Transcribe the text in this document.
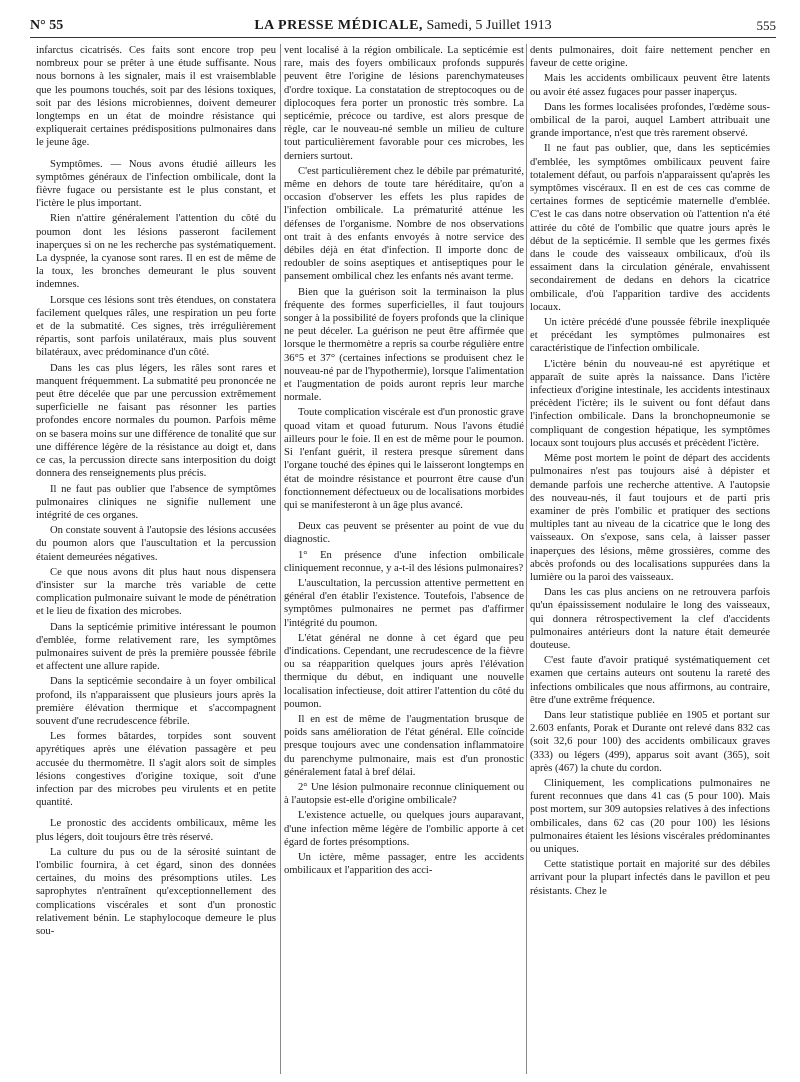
N° 55	LA PRESSE MÉDICALE, Samedi, 5 Juillet 1913	555

infarctus cicatrisés. Ces faits sont encore trop peu nombreux pour se prêter à une étude suffisante. Nous nous bornons à les signaler, mais il est vraisemblable que les poumons touchés, soit par des lésions toxiques, soit par des lésions microbiennes, doivent demeurer longtemps en un état de moindre résistance qui expliquerait certaines prédispositions pulmonaires dans le jeune âge.

Symptômes. — Nous avons étudié ailleurs les symptômes généraux de l'infection ombilicale, dont la fièvre fugace ou persistante est le plus constant, et l'ictère le plus important.

Rien n'attire généralement l'attention du côté du poumon dont les lésions passeront facilement inaperçues si on ne les recherche pas systématiquement. La dyspnée, la cyanose sont rares. Il en est de même de la toux, les bronches demeurant le plus souvent indemnes.

Lorsque ces lésions sont très étendues, on constatera facilement quelques râles, une respiration un peu forte et de la submatité. Ces signes, très irrégulièrement répartis, sont parfois unilatéraux, mais plus souvent bilatéraux, avec prédominance d'un côté.

Dans les cas plus légers, les râles sont rares et manquent fréquemment. La submatité peu prononcée ne peut être décelée que par une percussion extrêmement superficielle ne faisant pas résonner les parties profondes encore normales du poumon. Parfois même on se basera moins sur une différence de tonalité que sur une différence légère de la résistance au doigt et, dans ce cas, la percussion directe sans interposition du doigt donnera des renseignements plus précis.

Il ne faut pas oublier que l'absence de symptômes pulmonaires cliniques ne signifie nullement une intégrité de ces organes.

On constate souvent à l'autopsie des lésions accusées du poumon alors que l'auscultation et la percussion étaient demeurées négatives.

Ce que nous avons dit plus haut nous dispensera d'insister sur la marche très variable de cette complication pulmonaire suivant le mode de pénétration et le lieu de fixation des microbes.

Dans la septicémie primitive intéressant le poumon d'emblée, forme relativement rare, les symptômes pulmonaires suivent de près la première poussée fébrile et affectent une allure rapide.

Dans la septicémie secondaire à un foyer ombilical profond, ils n'apparaissent que plusieurs jours après la première élévation thermique et s'accompagnent souvent d'une recrudescence fébrile.

Les formes bâtardes, torpides sont souvent apyrétiques après une élévation passagère et peu accusée du thermomètre. Il s'agit alors soit de simples lésions congestives d'origine toxique, soit d'une infection par des microbes peu virulents et en petite quantité.

Le pronostic des accidents ombilicaux, même les plus légers, doit toujours être très réservé.

La culture du pus ou de la sérosité suintant de l'ombilic fournira, à cet égard, sinon des données certaines, du moins des présomptions utiles. Les saprophytes n'entraînent qu'exceptionnellement des complications viscérales et sont d'un pronostic relativement bénin. Le staphylocoque demeure le plus sou-

vent localisé à la région ombilicale. La septicémie est rare, mais des foyers ombilicaux profonds suppurés peuvent être l'origine de lésions parenchymateuses d'ordre toxique. La constatation de streptocoques ou de diplocoques fera porter un pronostic très sombre. La septicémie, précoce ou tardive, est alors presque de règle, car le nouveau-né semble un milieu de culture tout particulièrement favorable pour ces microbes, les derniers surtout.

C'est particulièrement chez le débile par prématurité, même en dehors de toute tare héréditaire, qu'on a occasion d'observer les effets les plus rapides de l'infection ombilicale. La prématurité atténue les défenses de l'organisme. Nombre de nos observations ont trait à des enfants envoyés à notre service des débiles déjà en état d'infection. Il importe donc de redoubler de soins aseptiques et antiseptiques pour le pansement ombilical chez les enfants nés avant terme.

Bien que la guérison soit la terminaison la plus fréquente des formes superficielles, il faut toujours songer à la possibilité de foyers profonds que la clinique ne peut déceler. La guérison ne peut être affirmée que lorsque le thermomètre a repris sa courbe régulière entre 36°5 et 37° (certaines infections se produisent chez le nouveau-né par de l'hypothermie), lorsque l'alimentation et l'augmentation de poids auront repris leur marche normale.

Toute complication viscérale est d'un pronostic grave quoad vitam et quoad futurum. Nous l'avons étudié ailleurs pour le foie. Il en est de même pour le poumon. Si l'enfant guérit, il restera presque sûrement dans l'organe touché des épines qui le laisseront longtemps en état de moindre résistance et pourront être cause d'un fonctionnement défectueux ou de localisations morbides qui se manifesteront à un âge plus avancé.

Deux cas peuvent se présenter au point de vue du diagnostic.

1° En présence d'une infection ombilicale cliniquement reconnue, y a-t-il des lésions pulmonaires?

L'auscultation, la percussion attentive permettent en général d'en établir l'existence. Toutefois, l'absence de symptômes pulmonaires ne permet pas d'affirmer l'intégrité du poumon.

L'état général ne donne à cet égard que peu d'indications. Cependant, une recrudescence de la fièvre ou sa réapparition quelques jours après l'élévation thermique du début, en indiquant une nouvelle localisation infectieuse, doit attirer l'attention du côté du poumon.

Il en est de même de l'augmentation brusque de poids sans amélioration de l'état général. Elle coïncide presque toujours avec une condensation inflammatoire du parenchyme pulmonaire, mais est d'un pronostic généralement fatal à bref délai.

2° Une lésion pulmonaire reconnue cliniquement ou à l'autopsie est-elle d'origine ombilicale?

L'existence actuelle, ou quelques jours auparavant, d'une infection même légère de l'ombilic apporte à cet égard de fortes présomptions.

Un ictère, même passager, entre les accidents ombilicaux et l'apparition des acci-

dents pulmonaires, doit faire nettement pencher en faveur de cette origine.

Mais les accidents ombilicaux peuvent être latents ou avoir été assez fugaces pour passer inaperçus.

Dans les formes localisées profondes, l'œdème sous-ombilical de la paroi, auquel Lambert attribuait une grande importance, n'est que très rarement observé.

Il ne faut pas oublier, que, dans les septicémies d'emblée, les symptômes ombilicaux peuvent faire totalement défaut, ou parfois n'apparaissent qu'après les symptômes viscéraux. Il en est de ces cas comme de certaines formes de septicémie maternelle d'emblée. C'est le cas dans notre observation où l'attention n'a été attirée du côté de l'ombilic que quatre jours après le début de la septicémie. Il semble que les germes fixés dans le coude des vaisseaux ombilicaux, d'où ils essaiment dans la circulation générale, envahissent secondairement de dedans en dehors la cicatrice ombilicale, d'où l'apparition tardive des accidents locaux.

Un ictère précédé d'une poussée fébrile inexpliquée et précédant les symptômes pulmonaires est caractéristique de l'infection ombilicale.

L'ictère bénin du nouveau-né est apyrétique et apparaît de suite après la naissance. Dans l'ictère infectieux d'origine intestinale, les accidents intestinaux précèdent l'ictère; ils le suivent ou font défaut dans l'infection ombilicale. Dans la bronchopneumonie se compliquant de congestion hépatique, les symptômes locaux sont toujours plus accusés et précèdent l'ictère.

Même post mortem le point de départ des accidents pulmonaires n'est pas toujours aisé à dépister et demande parfois une recherche attentive. A l'autopsie des nouveau-nés, il faut toujours et de parti pris examiner de près l'ombilic et pratiquer des sections multiples tant au niveau de la cicatrice que le long des vaisseaux. On s'expose, sans cela, à laisser passer inaperçues des lésions, même grossières, comme des abcès profonds ou des localisations suppurées dans la lumière ou la paroi des vaisseaux.

Dans les cas plus anciens on ne retrouvera parfois qu'un épaississement nodulaire le long des vaisseaux, qui donnera rétrospectivement la clef d'accidents pulmonaires antérieurs dont la nature était demeurée douteuse.

C'est faute d'avoir pratiqué systématiquement cet examen que certains auteurs ont soutenu la rareté des infections ombilicales que nous affirmons, au contraire, être d'une extrême fréquence.

Dans leur statistique publiée en 1905 et portant sur 2.603 enfants, Porak et Durante ont relevé dans 832 cas (soit 32,6 pour 100) des accidents ombilicaux graves (333) ou légers (499), apparus soit avant (365), soit après (467) la chute du cordon.

Cliniquement, les complications pulmonaires ne furent reconnues que dans 41 cas (5 pour 100). Mais post mortem, sur 309 autopsies relatives à des infections ombilicales, dans 62 cas (20 pour 100) les lésions pulmonaires étaient les lésions viscérales prédominantes ou uniques.

Cette statistique portait en majorité sur des débiles arrivant pour la plupart infectés dans le pavillon et peu résistants. Chez le
